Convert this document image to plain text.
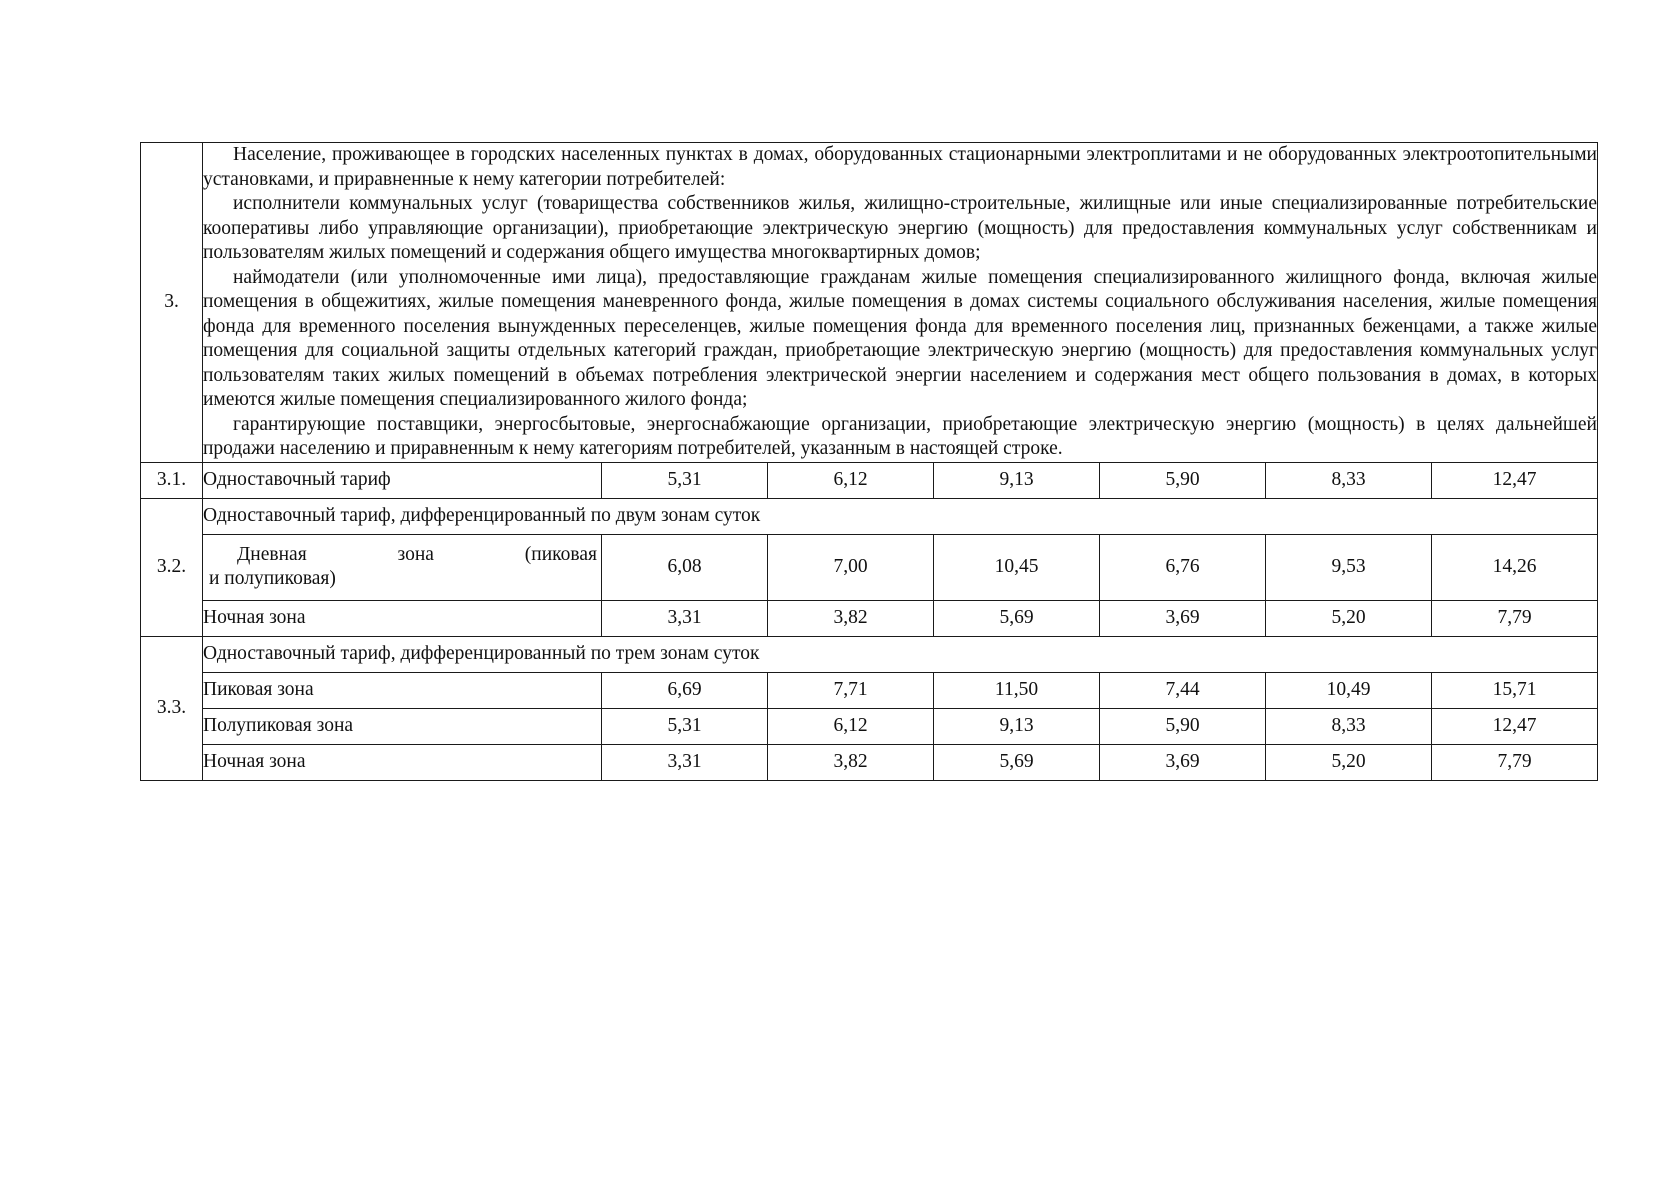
3.	Население, проживающее в городских населенных пунктах в домах, оборудованных стационарными электроплитами и не оборудованных электроотопительными установками, и приравненные к нему категории потребителей:

исполнители коммунальных услуг (товарищества собственников жилья, жилищно-строительные, жилищные или иные специализированные потребительские кооперативы либо управляющие организации), приобретающие электрическую энергию (мощность) для предоставления коммунальных услуг собственникам и пользователям жилых помещений и содержания общего имущества многоквартирных домов;

наймодатели (или уполномоченные ими лица), предоставляющие гражданам жилые помещения специализированного жилищного фонда, включая жилые помещения в общежитиях, жилые помещения маневренного фонда, жилые помещения в домах системы социального обслуживания населения, жилые помещения фонда для временного поселения вынужденных переселенцев, жилые помещения фонда для временного поселения лиц, признанных беженцами, а также жилые помещения для социальной защиты отдельных категорий граждан, приобретающие электрическую энергию (мощность) для предоставления коммунальных услуг пользователям таких жилых помещений в объемах потребления электрической энергии населением и содержания мест общего пользования в домах, в которых имеются жилые помещения специализированного жилого фонда;

гарантирующие поставщики, энергосбытовые, энергоснабжающие организации, приобретающие электрическую энергию (мощность) в целях дальнейшей продажи населению и приравненным к нему категориям потребителей, указанным в настоящей строке.						

3.1.	Одноставочный тариф	5,31	6,12	9,13	5,90	8,33	12,47
3.2.	Одноставочный тариф, дифференцированный по двум зонам суток						

	Дневная зона (пиковая
и полупиковая)	6,08	7,00	10,45	6,76	9,53	14,26
	Ночная зона	3,31	3,82	5,69	3,69	5,20	7,79
3.3.	Одноставочный тариф, дифференцированный по трем зонам суток						
	Пиковая зона	6,69	7,71	11,50	7,44	10,49	15,71
	Полупиковая зона	5,31	6,12	9,13	5,90	8,33	12,47
	Ночная зона	3,31	3,82	5,69	3,69	5,20	7,79
